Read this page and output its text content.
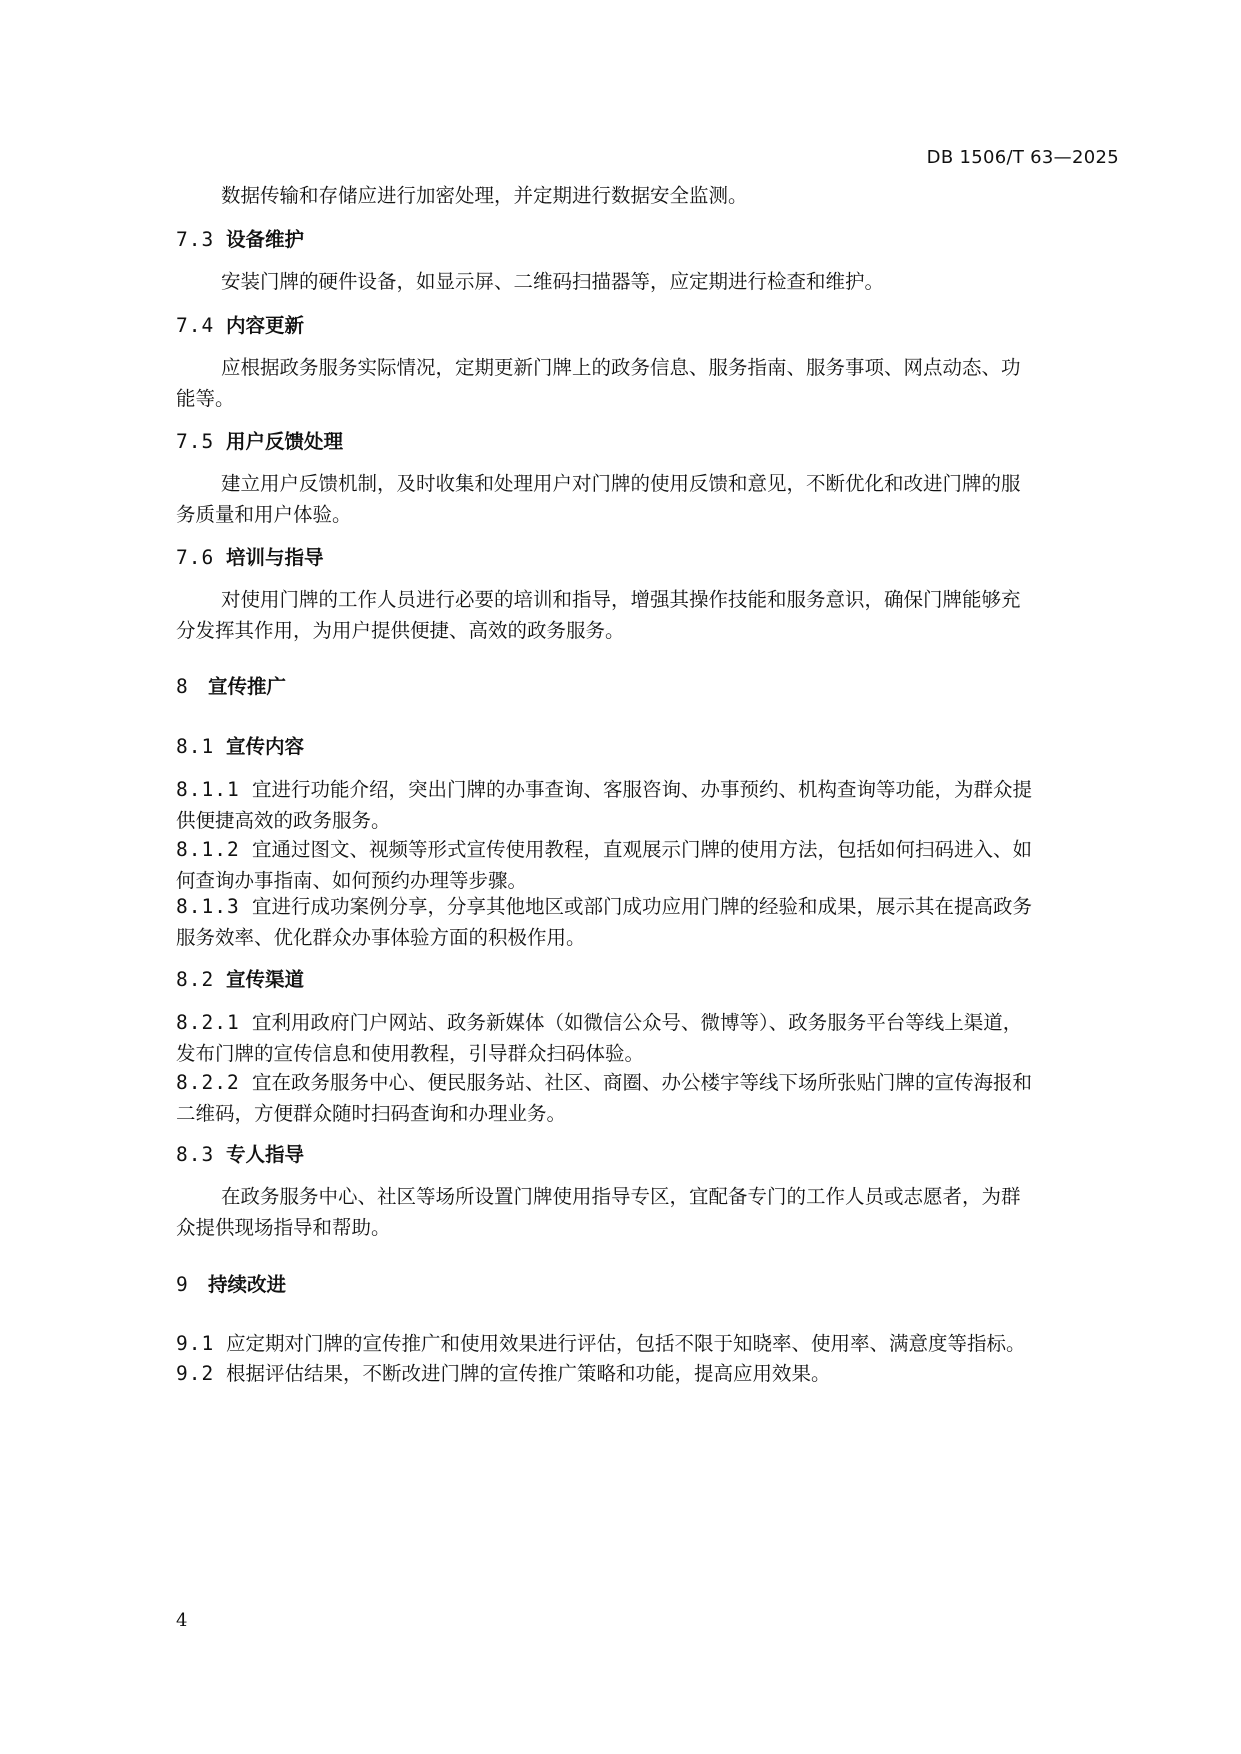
DB 1506/T 63—2025
数据传输和存储应进行加密处理，并定期进行数据安全监测。
7.3 设备维护
安装门牌的硬件设备，如显示屏、二维码扫描器等，应定期进行检查和维护。
7.4 内容更新
应根据政务服务实际情况，定期更新门牌上的政务信息、服务指南、服务事项、网点动态、功
能等。
7.5 用户反馈处理
建立用户反馈机制，及时收集和处理用户对门牌的使用反馈和意见，不断优化和改进门牌的服
务质量和用户体验。
7.6 培训与指导
对使用门牌的工作人员进行必要的培训和指导，增强其操作技能和服务意识，确保门牌能够充
分发挥其作用，为用户提供便捷、高效的政务服务。
8 宣传推广
8.1 宣传内容
8.1.1 宜进行功能介绍，突出门牌的办事查询、客服咨询、办事预约、机构查询等功能，为群众提
供便捷高效的政务服务。
8.1.2 宜通过图文、视频等形式宣传使用教程，直观展示门牌的使用方法，包括如何扫码进入、如
何查询办事指南、如何预约办理等步骤。
8.1.3 宜进行成功案例分享，分享其他地区或部门成功应用门牌的经验和成果，展示其在提高政务
服务效率、优化群众办事体验方面的积极作用。
8.2 宣传渠道
8.2.1 宜利用政府门户网站、政务新媒体（如微信公众号、微博等）、政务服务平台等线上渠道，
发布门牌的宣传信息和使用教程，引导群众扫码体验。
8.2.2 宜在政务服务中心、便民服务站、社区、商圈、办公楼宇等线下场所张贴门牌的宣传海报和
二维码，方便群众随时扫码查询和办理业务。
8.3 专人指导
在政务服务中心、社区等场所设置门牌使用指导专区，宜配备专门的工作人员或志愿者，为群
众提供现场指导和帮助。
9 持续改进
9.1 应定期对门牌的宣传推广和使用效果进行评估，包括不限于知晓率、使用率、满意度等指标。
9.2 根据评估结果，不断改进门牌的宣传推广策略和功能，提高应用效果。
4
